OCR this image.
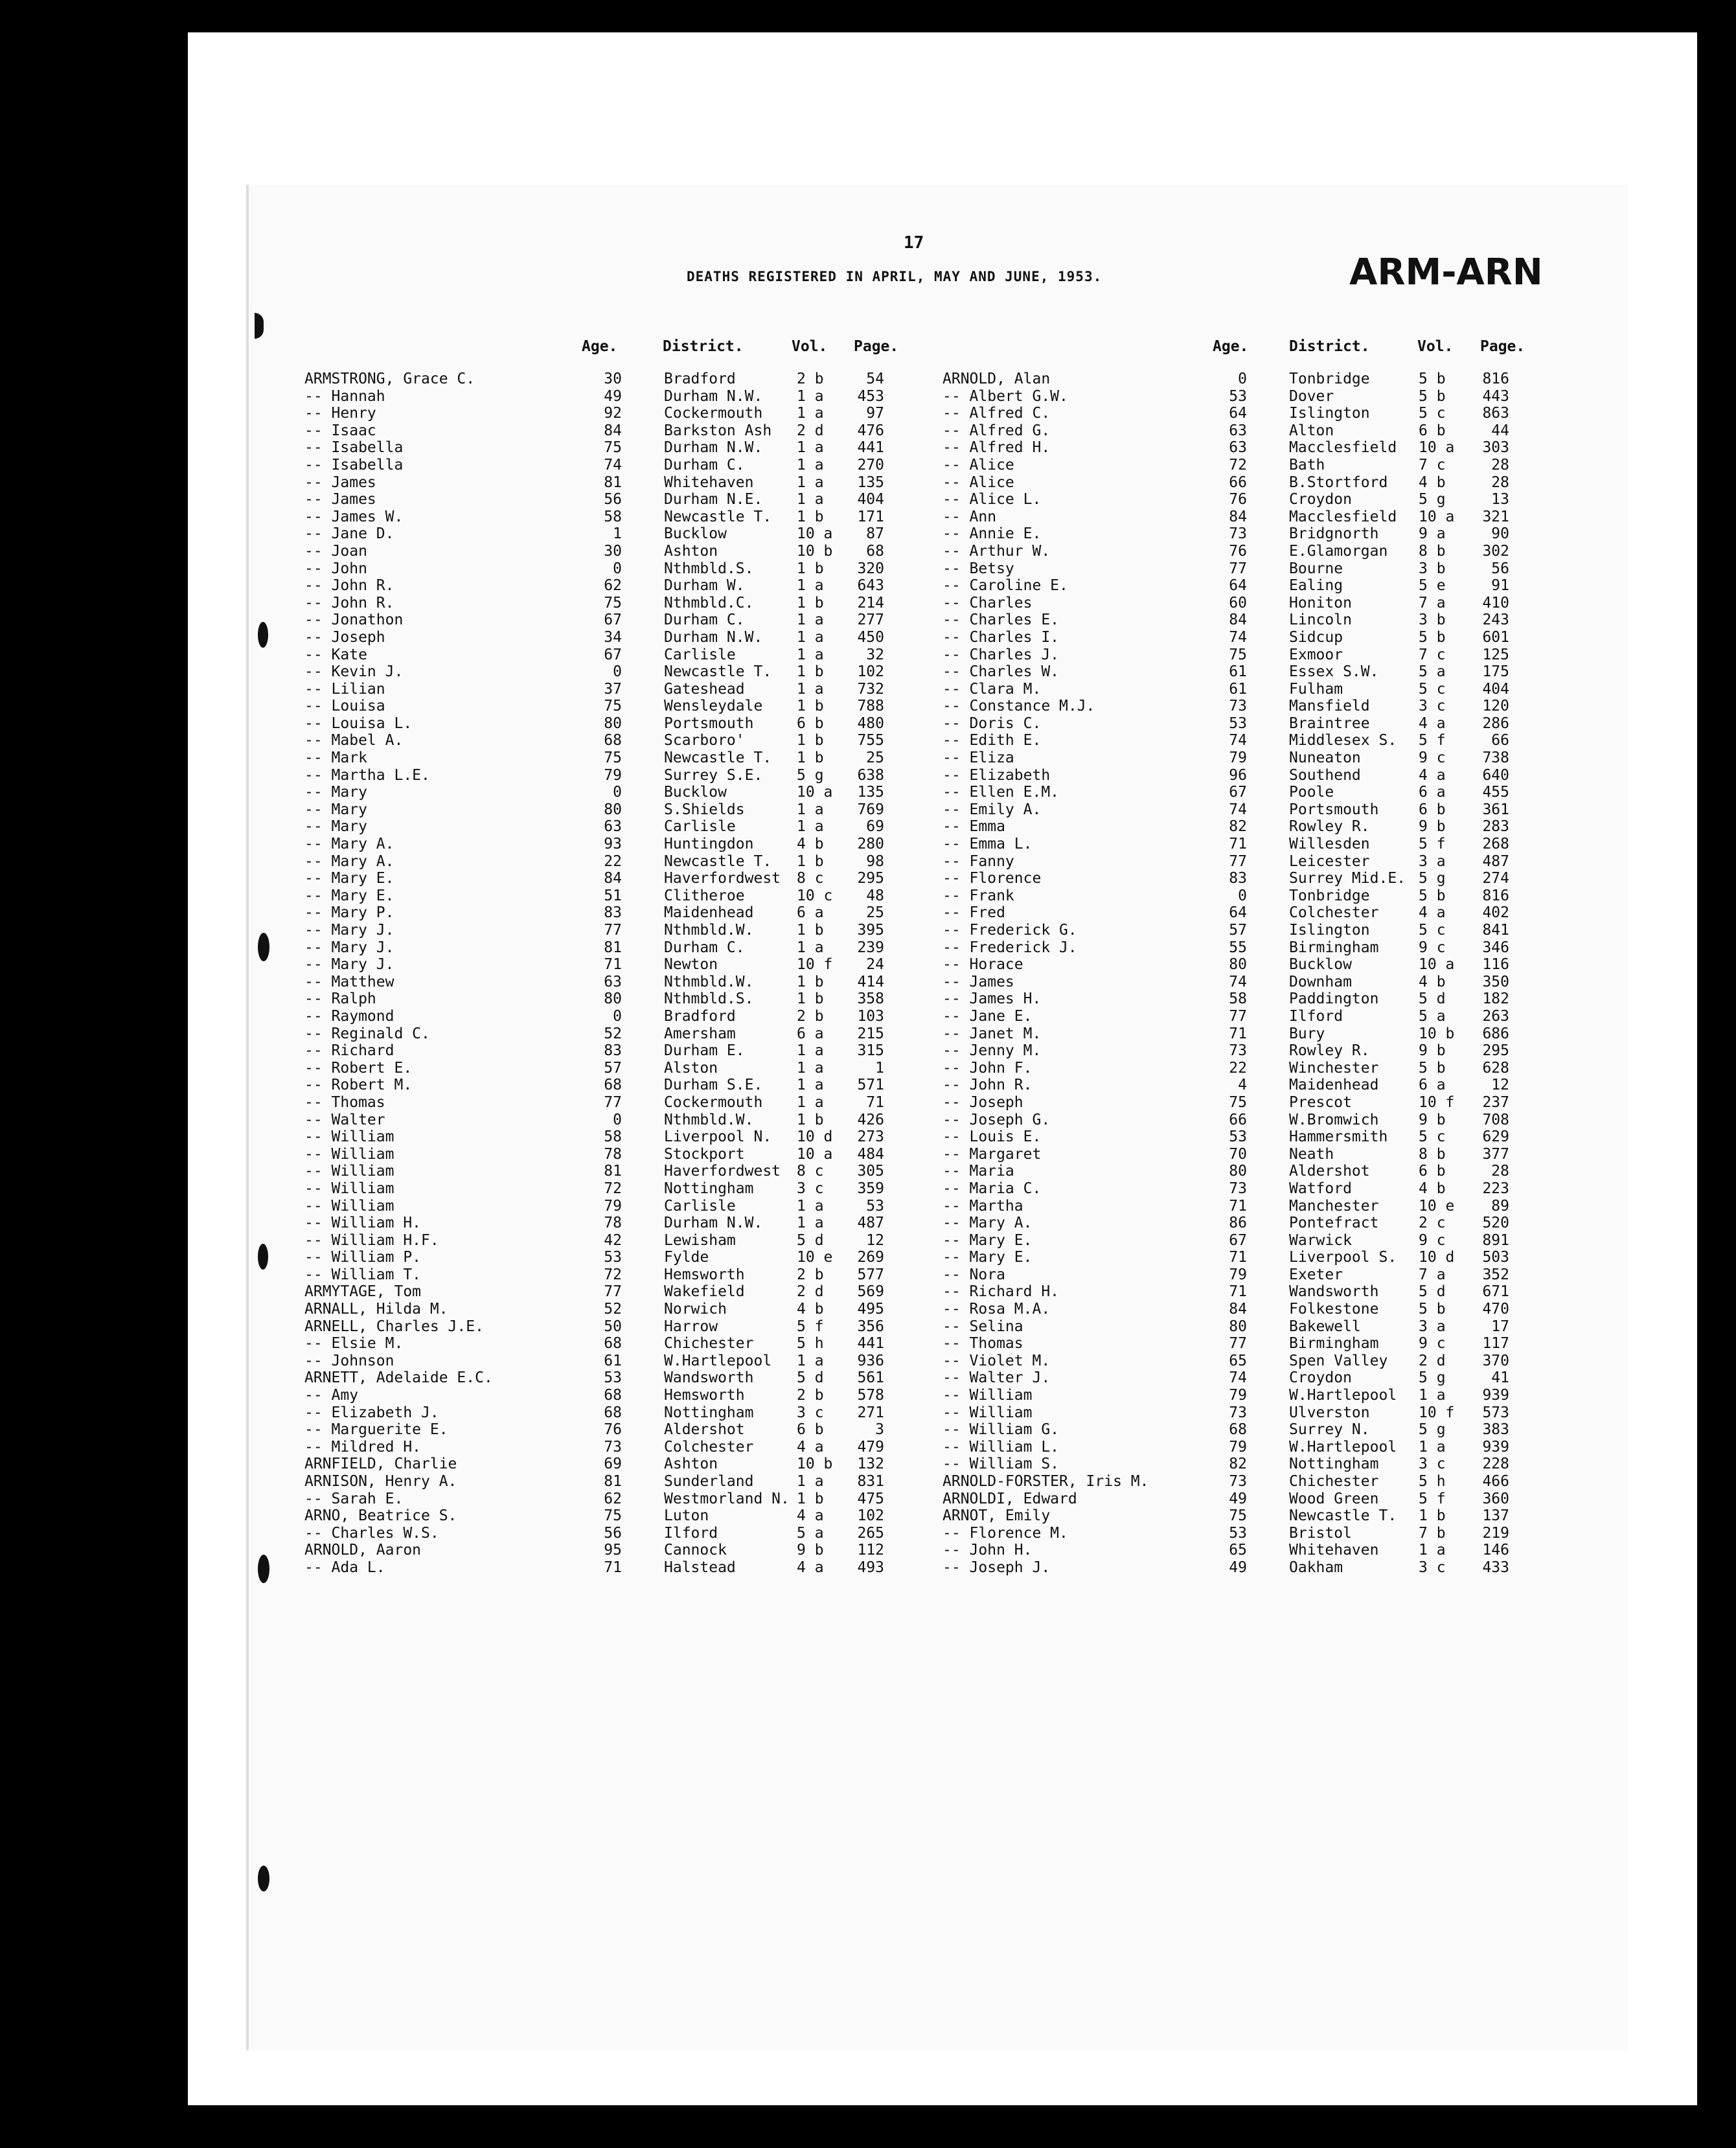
17
DEATHS REGISTERED IN APRIL, MAY AND JUNE, 1953.	ARM-ARN
Age.	District.	Vol. Page.	Age.	District.	Vol. Page.
ARMSTRONG, Grace C.	30	Bradford	2 b	54
-- Hannah	49	Durham N.W. 1 a	453
-- Henry	92	Cockermouth 1 a	97
-- Isaac	84	Barkston Ash 2 d	476
-- Isabella	75	Durham N.W. 1 a	441
-- Isabella	74	Durham C.	1 a	270
-- James	81	Whitehaven	1 a	135
-- James	56	Durham N.E. 1 a	404
-- James W.	58	Newcastle T. 1 b	171
-- Jane D.	1	Bucklow	10 a	87
-- Joan	30	Ashton	10 b	68
-- John	0	Nthmbld.S.	1 b	320
-- John R.	62	Durham W.	1 a	643
-- John R.	75	Nthmbld.C.	1 b	214
-- Jonathon	67	Durham C.	1 a	277
-- Joseph	34	Durham N.W. 1 a	450
-- Kate	67	Carlisle	1 a	32
-- Kevin J.	0	Newcastle T. 1 b	102
-- Lilian	37	Gateshead	1 a	732
-- Louisa	75	Wensleydale 1 b	788
-- Louisa L.	80	Portsmouth	6 b	480
-- Mabel A.	68	Scarboro'	1 b	755
-- Mark	75	Newcastle T. 1 b	25
-- Martha L.E.	79	Surrey S.E. 5 g	638
-- Mary	0	Bucklow	10 a	135
-- Mary	80	S.Shields	1 a	769
-- Mary	63	Carlisle	1 a	69
-- Mary A.	93	Huntingdon	4 b	280
-- Mary A.	22	Newcastle T. 1 b	98
-- Mary E.	84	Haverfordwest 8 c	295
-- Mary E.	51	Clitheroe	10 c	48
-- Mary P.	83	Maidenhead	6 a	25
-- Mary J.	77	Nthmbld.W.	1 b	395
-- Mary J.	81	Durham C.	1 a	239
-- Mary J.	71	Newton	10 f	24
-- Matthew	63	Nthmbld.W.	1 b	414
-- Ralph	80	Nthmbld.S.	1 b	358
-- Raymond	0	Bradford	2 b	103
-- Reginald C.	52	Amersham	6 a	215
-- Richard	83	Durham E.	1 a	315
-- Robert E.	57	Alston	1 a	1
-- Robert M.	68	Durham S.E. 1 a	571
-- Thomas	77	Cockermouth 1 a	71
-- Walter	0	Nthmbld.W.	1 b	426
-- William	58	Liverpool N. 10 d	273
-- William	78	Stockport	10 a	484
-- William	81	Haverfordwest 8 c	305
-- William	72	Nottingham	3 c	359
-- William	79	Carlisle	1 a	53
-- William H.	78	Durham N.W. 1 a	487
-- William H.F.	42	Lewisham	5 d	12
-- William P.	53	Fylde	10 e	269
-- William T.	72	Hemsworth	2 b	577
ARMYTAGE, Tom	77	Wakefield	2 d	569
ARNALL, Hilda M.	52	Norwich	4 b	495
ARNELL, Charles J.E.	50	Harrow	5 f	356
-- Elsie M.	68	Chichester	5 h	441
-- Johnson	61	W.Hartlepool 1 a	936
ARNETT, Adelaide E.C.	53	Wandsworth	5 d	561
-- Amy	68	Hemsworth	2 b	578
-- Elizabeth J.	68	Nottingham	3 c	271
-- Marguerite E.	76	Aldershot	6 b	3
-- Mildred H.	73	Colchester	4 a	479
ARNFIELD, Charlie	69	Ashton	10 b	132
ARNISON, Henry A.	81	Sunderland	1 a	831
-- Sarah E.	62	Westmorland N. 1 b	475
ARNO, Beatrice S.	75	Luton	4 a	102
-- Charles W.S.	56	Ilford	5 a	265
ARNOLD, Aaron	95	Cannock	9 b	112
-- Ada L.	71	Halstead	4 a	493
ARNOLD, Alan	0	Tonbridge	5 b	816
-- Albert G.W.	53	Dover	5 b	443
-- Alfred C.	64	Islington	5 c	863
-- Alfred G.	63	Alton	6 b	44
-- Alfred H.	63	Macclesfield 10 a	303
-- Alice	72	Bath	7 c	28
-- Alice	66	B.Stortford 4 b	28
-- Alice L.	76	Croydon	5 g	13
-- Ann	84	Macclesfield 10 a	321
-- Annie E.	73	Bridgnorth	9 a	90
-- Arthur W.	76	E.Glamorgan 8 b	302
-- Betsy	77	Bourne	3 b	56
-- Caroline E.	64	Ealing	5 e	91
-- Charles	60	Honiton	7 a	410
-- Charles E.	84	Lincoln	3 b	243
-- Charles I.	74	Sidcup	5 b	601
-- Charles J.	75	Exmoor	7 c	125
-- Charles W.	61	Essex S.W.	5 a	175
-- Clara M.	61	Fulham	5 c	404
-- Constance M.J.	73	Mansfield	3 c	120
-- Doris C.	53	Braintree	4 a	286
-- Edith E.	74	Middlesex S. 5 f	66
-- Eliza	79	Nuneaton	9 c	738
-- Elizabeth	96	Southend	4 a	640
-- Ellen E.M.	67	Poole	6 a	455
-- Emily A.	74	Portsmouth	6 b	361
-- Emma	82	Rowley R.	9 b	283
-- Emma L.	71	Willesden	5 f	268
-- Fanny	77	Leicester	3 a	487
-- Florence	83	Surrey Mid.E. 5 g	274
-- Frank	0	Tonbridge	5 b	816
-- Fred	64	Colchester	4 a	402
-- Frederick G.	57	Islington	5 c	841
-- Frederick J.	55	Birmingham	9 c	346
-- Horace	80	Bucklow	10 a	116
-- James	74	Downham	4 b	350
-- James H.	58	Paddington	5 d	182
-- Jane E.	77	Ilford	5 a	263
-- Janet M.	71	Bury	10 b	686
-- Jenny M.	73	Rowley R.	9 b	295
-- John F.	22	Winchester	5 b	628
-- John R.	4	Maidenhead	6 a	12
-- Joseph	75	Prescot	10 f	237
-- Joseph G.	66	W.Bromwich	9 b	708
-- Louis E.	53	Hammersmith 5 c	629
-- Margaret	70	Neath	8 b	377
-- Maria	80	Aldershot	6 b	28
-- Maria C.	73	Watford	4 b	223
-- Martha	71	Manchester	10 e	89
-- Mary A.	86	Pontefract	2 c	520
-- Mary E.	67	Warwick	9 c	891
-- Mary E.	71	Liverpool S. 10 d	503
-- Nora	79	Exeter	7 a	352
-- Richard H.	71	Wandsworth	5 d	671
-- Rosa M.A.	84	Folkestone	5 b	470
-- Selina	80	Bakewell	3 a	17
-- Thomas	77	Birmingham	9 c	117
-- Violet M.	65	Spen Valley 2 d	370
-- Walter J.	74	Croydon	5 g	41
-- William	79	W.Hartlepool 1 a	939
-- William	73	Ulverston	10 f	573
-- William G.	68	Surrey N.	5 g	383
-- William L.	79	W.Hartlepool 1 a	939
-- William S.	82	Nottingham	3 c	228
ARNOLD-FORSTER, Iris M.	73	Chichester	5 h	466
ARNOLDI, Edward	49	Wood Green	5 f	360
ARNOT, Emily	75	Newcastle T. 1 b	137
-- Florence M.	53	Bristol	7 b	219
-- John H.	65	Whitehaven	1 a	146
-- Joseph J.	49	Oakham	3 c	433
